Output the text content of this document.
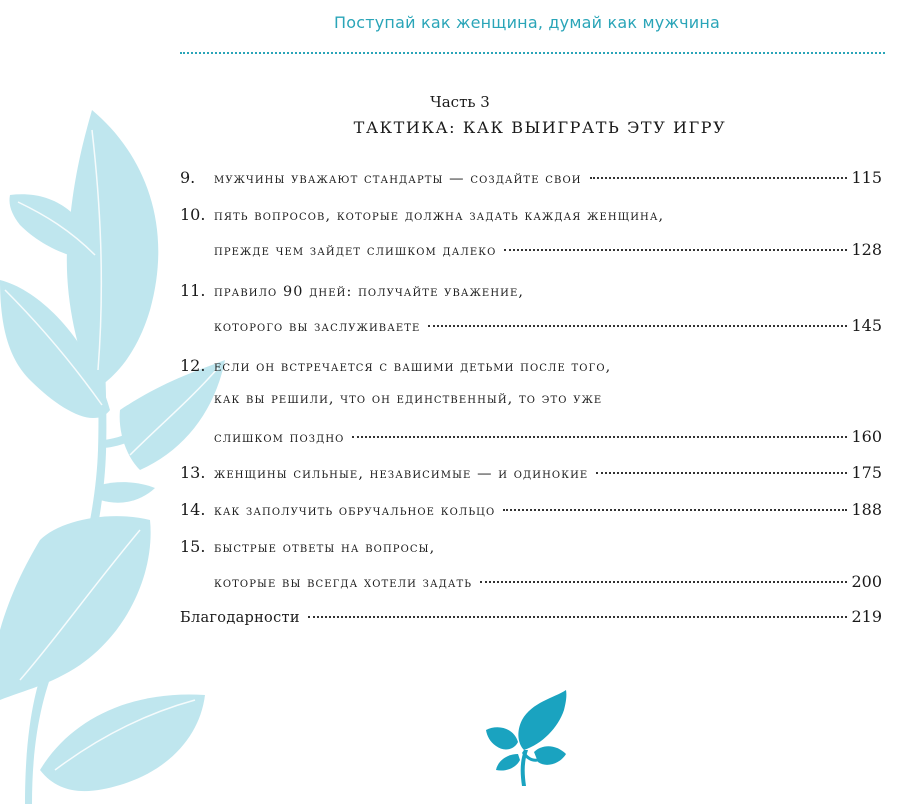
Поступай как женщина, думай как мужчина
Часть 3
ТАКТИКА: КАК ВЫИГРАТЬ ЭТУ ИГРУ
9.	мужчины уважают стандарты — создайте свои	115
10. пять вопросов, которые должна задать каждая женщина,
прежде чем зайдет слишком далеко	128
11. правило 90 дней: получайте уважение,
которого вы заслуживаете	145
12. если он встречается с вашими детьми после того,
как вы решили, что он единственный, то это уже
слишком поздно	160
13. женщины сильные, независимые — и одинокие	175
14. как заполучить обручальное кольцо	188
15. быстрые ответы на вопросы,
которые вы всегда хотели задать	200
Благодарности	219
